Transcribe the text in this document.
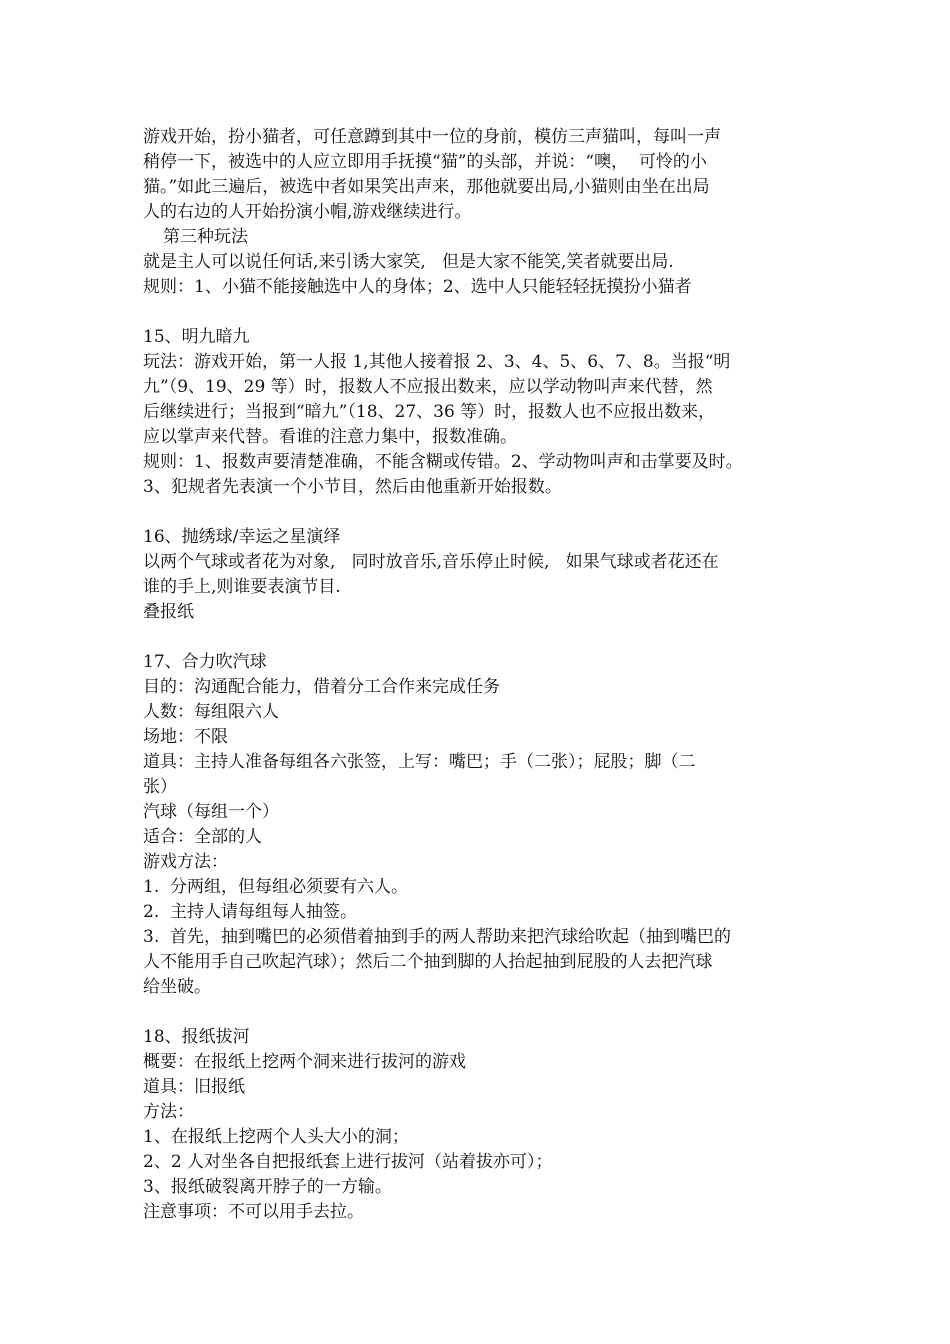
游戏开始，扮小猫者，可任意蹲到其中一位的身前，模仿三声猫叫，每叫一声
稍停一下，被选中的人应立即用手抚摸“猫”的头部，并说：“噢，  可怜的小
猫。”如此三遍后，被选中者如果笑出声来，那他就要出局,小猫则由坐在出局
人的右边的人开始扮演小帽,游戏继续进行。
第三种玩法
就是主人可以说任何话,来引诱大家笑,   但是大家不能笑,笑者就要出局.
规则：1、小猫不能接触选中人的身体；2、选中人只能轻轻抚摸扮小猫者
15、明九暗九
玩法：游戏开始，第一人报 1,其他人接着报 2、3、4、5、6、7、8。当报“明
九”（9、19、29 等）时，报数人不应报出数来，应以学动物叫声来代替，然
后继续进行；当报到“暗九”（18、27、36 等）时，报数人也不应报出数来，
应以掌声来代替。看谁的注意力集中，报数准确。
规则：1、报数声要清楚准确，不能含糊或传错。2、学动物叫声和击掌要及时。
3、犯规者先表演一个小节目，然后由他重新开始报数。
16、抛绣球/幸运之星演绎
以两个气球或者花为对象,   同时放音乐,音乐停止时候,   如果气球或者花还在
谁的手上,则谁要表演节目.
叠报纸
17、合力吹汽球
目的：沟通配合能力，借着分工合作来完成任务
人数：每组限六人
场地：不限
道具：主持人准备每组各六张签，上写：嘴巴；手（二张）；屁股；脚（二
张）
汽球（每组一个）
适合：全部的人
游戏方法：
1.  分两组，但每组必须要有六人。
2.  主持人请每组每人抽签。
3.  首先，抽到嘴巴的必须借着抽到手的两人帮助来把汽球给吹起（抽到嘴巴的
人不能用手自己吹起汽球）；然后二个抽到脚的人抬起抽到屁股的人去把汽球
给坐破。
18、报纸拔河
概要：在报纸上挖两个洞来进行拔河的游戏
道具：旧报纸
方法：
1、在报纸上挖两个人头大小的洞；
2、2 人对坐各自把报纸套上进行拔河（站着拔亦可）；
3、报纸破裂离开脖子的一方输。
注意事项：不可以用手去拉。
